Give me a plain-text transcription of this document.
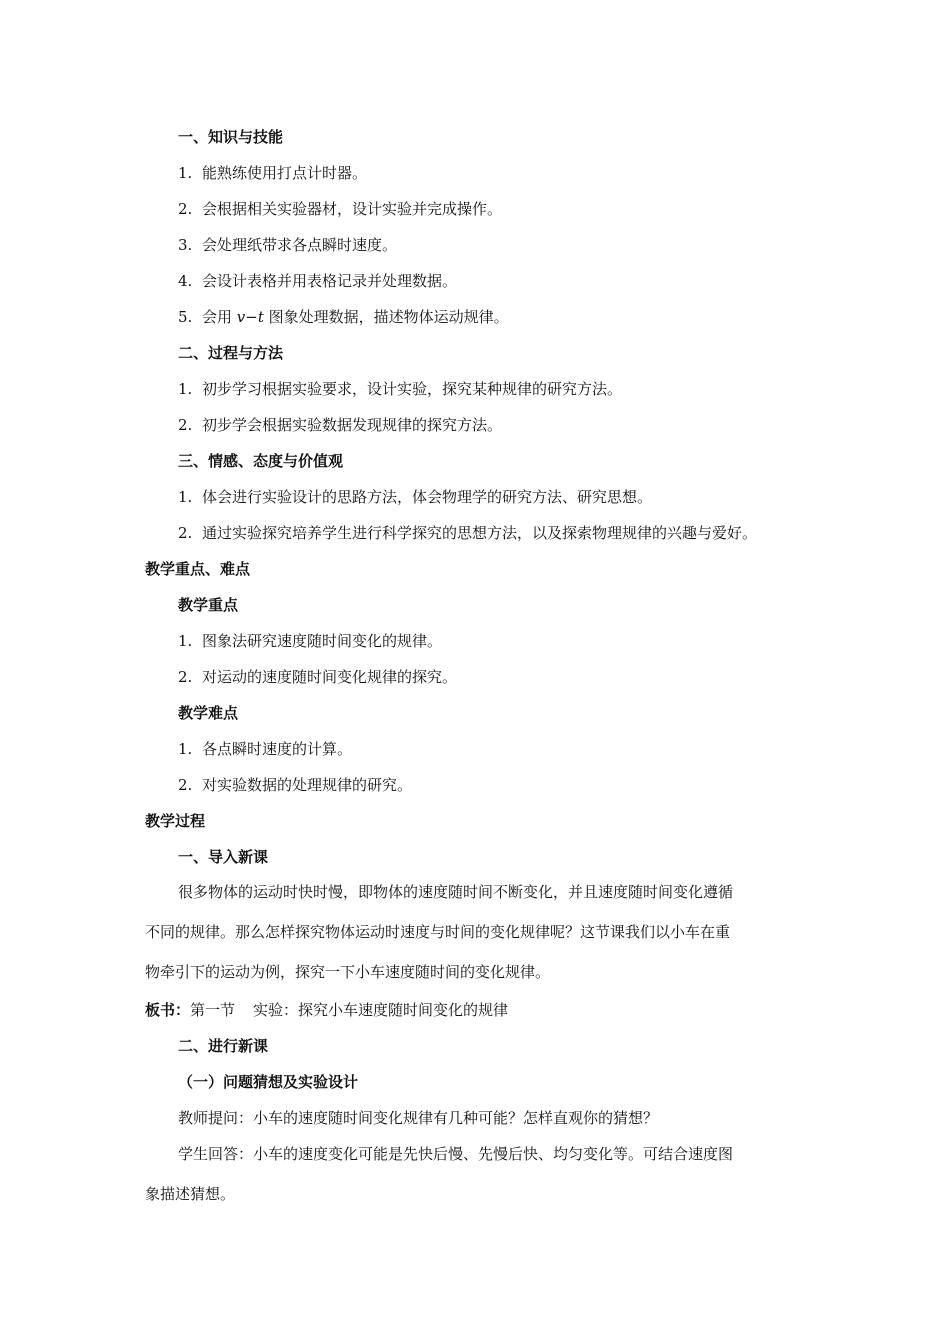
一、知识与技能
1. 能熟练使用打点计时器。
2. 会根据相关实验器材，设计实验并完成操作。
3. 会处理纸带求各点瞬时速度。
4. 会设计表格并用表格记录并处理数据。
5. 会用 v−t 图象处理数据，描述物体运动规律。
二、过程与方法
1. 初步学习根据实验要求，设计实验，探究某种规律的研究方法。
2. 初步学会根据实验数据发现规律的探究方法。
三、情感、态度与价值观
1. 体会进行实验设计的思路方法，体会物理学的研究方法、研究思想。
2. 通过实验探究培养学生进行科学探究的思想方法，以及探索物理规律的兴趣与爱好。
教学重点、难点
教学重点
1. 图象法研究速度随时间变化的规律。
2. 对运动的速度随时间变化规律的探究。
教学难点
1. 各点瞬时速度的计算。
2. 对实验数据的处理规律的研究。
教学过程
一、导入新课
很多物体的运动时快时慢，即物体的速度随时间不断变化，并且速度随时间变化遵循
不同的规律。那么怎样探究物体运动时速度与时间的变化规律呢？这节课我们以小车在重
物牵引下的运动为例，探究一下小车速度随时间的变化规律。
板书：第一节 实验：探究小车速度随时间变化的规律
二、进行新课
（一）问题猜想及实验设计
教师提问：小车的速度随时间变化规律有几种可能？怎样直观你的猜想？
学生回答：小车的速度变化可能是先快后慢、先慢后快、均匀变化等。可结合速度图
象描述猜想。
